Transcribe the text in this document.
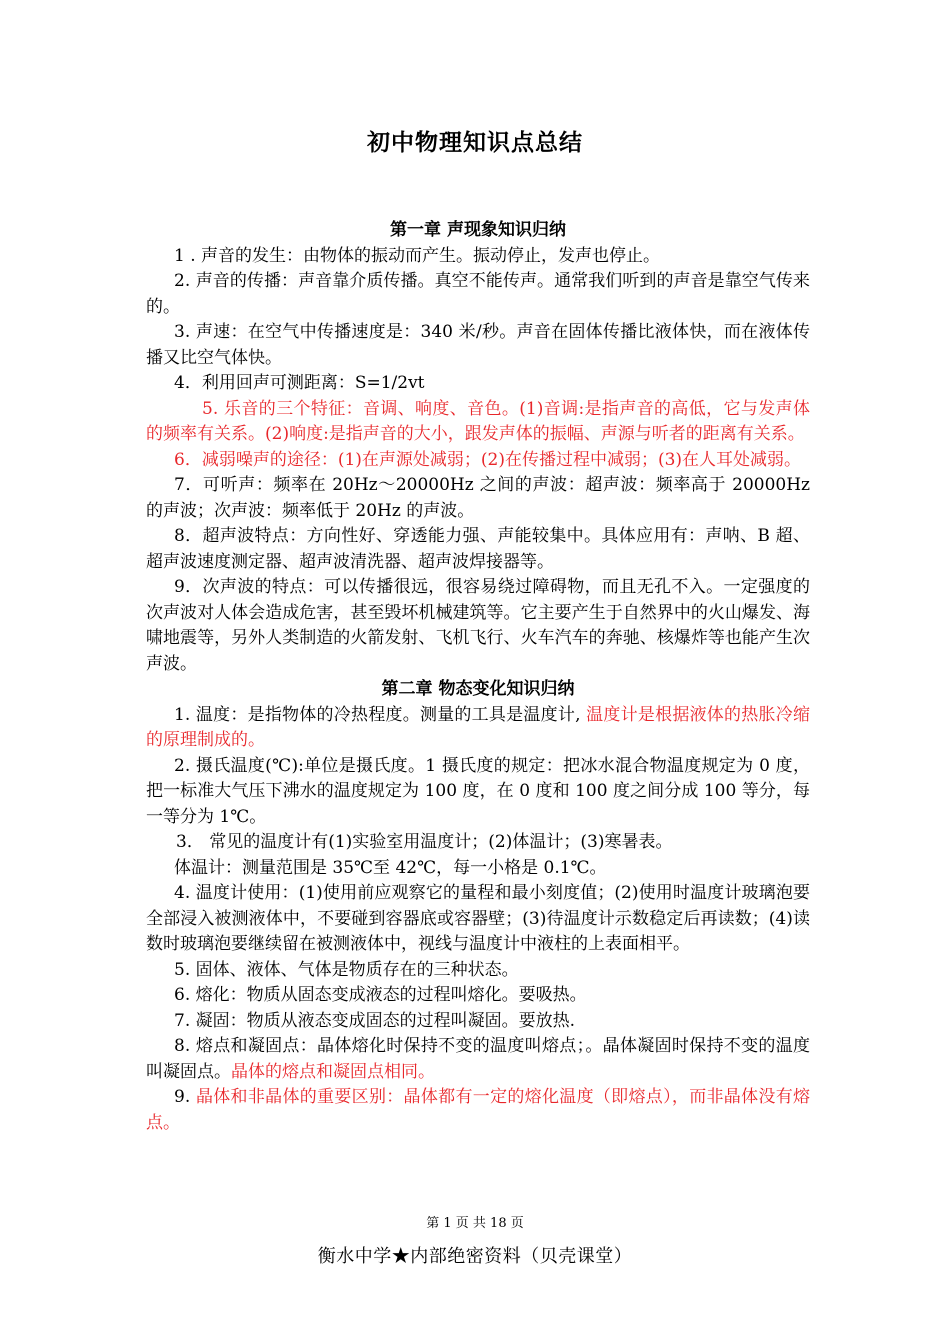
初中物理知识点总结

第一章 声现象知识归纳

1 . 声音的发生：由物体的振动而产生。振动停止，发声也停止。

2. 声音的传播：声音靠介质传播。真空不能传声。通常我们听到的声音是靠空气传来的。

3. 声速：在空气中传播速度是：340 米/秒。声音在固体传播比液体快，而在液体传播又比空气体快。

4．利用回声可测距离：S=1/2vt

5. 乐音的三个特征：音调、响度、音色。(1)音调:是指声音的高低，它与发声体的频率有关系。(2)响度:是指声音的大小，跟发声体的振幅、声源与听者的距离有关系。

6．减弱噪声的途径：(1)在声源处减弱；(2)在传播过程中减弱；(3)在人耳处减弱。

7．可听声：频率在 20Hz～20000Hz 之间的声波：超声波：频率高于 20000Hz 的声波；次声波：频率低于 20Hz 的声波。

8．超声波特点：方向性好、穿透能力强、声能较集中。具体应用有：声呐、B 超、超声波速度测定器、超声波清洗器、超声波焊接器等。

9．次声波的特点：可以传播很远，很容易绕过障碍物，而且无孔不入。一定强度的次声波对人体会造成危害，甚至毁坏机械建筑等。它主要产生于自然界中的火山爆发、海啸地震等，另外人类制造的火箭发射、飞机飞行、火车汽车的奔驰、核爆炸等也能产生次声波。

第二章 物态变化知识归纳

1. 温度：是指物体的冷热程度。测量的工具是温度计, 温度计是根据液体的热胀冷缩的原理制成的。

2. 摄氏温度(℃):单位是摄氏度。1 摄氏度的规定：把冰水混合物温度规定为 0 度，把一标准大气压下沸水的温度规定为 100 度，在 0 度和 100 度之间分成 100 等分，每一等分为 1℃。

3． 常见的温度计有(1)实验室用温度计；(2)体温计；(3)寒暑表。

体温计：测量范围是 35℃至 42℃，每一小格是 0.1℃。

4. 温度计使用：(1)使用前应观察它的量程和最小刻度值；(2)使用时温度计玻璃泡要全部浸入被测液体中，不要碰到容器底或容器壁；(3)待温度计示数稳定后再读数；(4)读数时玻璃泡要继续留在被测液体中，视线与温度计中液柱的上表面相平。

5. 固体、液体、气体是物质存在的三种状态。

6. 熔化：物质从固态变成液态的过程叫熔化。要吸热。

7. 凝固：物质从液态变成固态的过程叫凝固。要放热.

8. 熔点和凝固点：晶体熔化时保持不变的温度叫熔点；。晶体凝固时保持不变的温度叫凝固点。晶体的熔点和凝固点相同。

9. 晶体和非晶体的重要区别：晶体都有一定的熔化温度（即熔点），而非晶体没有熔点。

第 1 页 共 18 页
衡水中学★内部绝密资料（贝壳课堂）
